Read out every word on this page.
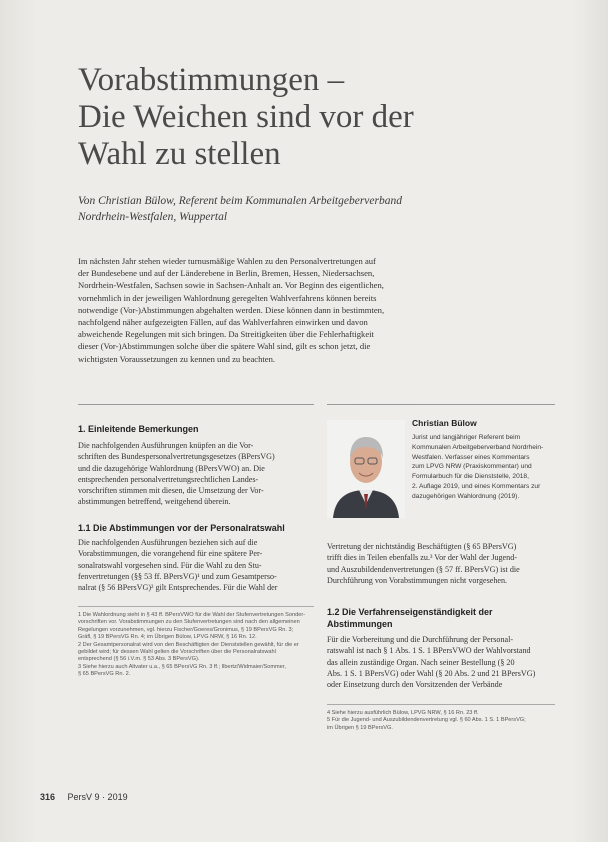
Vorabstimmungen –
Die Weichen sind vor der
Wahl zu stellen
Von Christian Bülow, Referent beim Kommunalen Arbeitgeberverband
Nordrhein-Westfalen, Wuppertal
Im nächsten Jahr stehen wieder turnusmäßige Wahlen zu den Personalvertretungen auf
der Bundesebene und auf der Länderebene in Berlin, Bremen, Hessen, Niedersachsen,
Nordrhein-Westfalen, Sachsen sowie in Sachsen-Anhalt an. Vor Beginn des eigentlichen,
vornehmlich in der jeweiligen Wahlordnung geregelten Wahlverfahrens können bereits
notwendige (Vor-)Abstimmungen abgehalten werden. Diese können dann in bestimmten,
nachfolgend näher aufgezeigten Fällen, auf das Wahlverfahren einwirken und davon
abweichende Regelungen mit sich bringen. Da Streitigkeiten über die Fehlerhaftigkeit
dieser (Vor-)Abstimmungen solche über die spätere Wahl sind, gilt es schon jetzt, die
wichtigsten Voraussetzungen zu kennen und zu beachten.
1. Einleitende Bemerkungen
Die nachfolgenden Ausführungen knüpfen an die Vor-
schriften des Bundespersonalvertretungsgesetzes (BPersVG)
und die dazugehörige Wahlordnung (BPersVWO) an. Die
entsprechenden personalvertretungsrechtlichen Landes-
vorschriften stimmen mit diesen, die Umsetzung der Vor-
abstimmungen betreffend, weitgehend überein.
1.1 Die Abstimmungen vor der Personalratswahl
Die nachfolgenden Ausführungen beziehen sich auf die
Vorabstimmungen, die vorangehend für eine spätere Per-
sonalratswahl vorgesehen sind. Für die Wahl zu den Stu-
fenvertretungen (§§ 53 ff. BPersVG)¹ und zum Gesamtperso-
nalrat (§ 56 BPersVG)² gilt Entsprechendes. Für die Wahl der
Christian Bülow
Jurist und langjähriger Referent beim
Kommunalen Arbeitgeberverband Nordrhein-
Westfalen. Verfasser eines Kommentars
zum LPVG NRW (Praxiskommentar) und
Formularbuch für die Dienststelle, 2018,
2. Auflage 2019, und eines Kommentars zur
dazugehörigen Wahlordnung (2019).
Vertretung der nichtständig Beschäftigten (§ 65 BPersVG)
trifft dies in Teilen ebenfalls zu.³ Vor der Wahl der Jugend-
und Auszubildendenvertretungen (§ 57 ff. BPersVG) ist die
Durchführung von Vorabstimmungen nicht vorgesehen.
1.2 Die Verfahrenseigenständigkeit der
Abstimmungen
Für die Vorbereitung und die Durchführung der Personal-
ratswahl ist nach § 1 Abs. 1 S. 1 BPersVWO der Wahlvorstand
das allein zuständige Organ. Nach seiner Bestellung (§ 20
Abs. 1 S. 1 BPersVG) oder Wahl (§ 20 Abs. 2 und 21 BPersVG)
oder Einsetzung durch den Vorsitzenden der Verbände
1 Die Wahlordnung sieht in § 43 ff. BPersVWO für die Wahl der Stufenvertretungen Sonder-
vorschriften vor. Vorabstimmungen zu den Stufenvertretungen sind nach den allgemeinen
Regelungen vorzunehmen, vgl. hierzu Fischer/Goeres/Gronimus, § 19 BPersVG Rn. 3;
Gräfl, § 19 BPersVG Rn. 4; im Übrigen Bülow, LPVG NRW, § 16 Rn. 12.
2 Der Gesamtpersonalrat wird von den Beschäftigten der Dienststellen gewählt, für die er
gebildet wird; für dessen Wahl gelten die Vorschriften über die Personalratswahl
entsprechend (§ 56 i.V.m. § 53 Abs. 3 BPersVG).
3 Siehe hierzu auch Altvater u.a., § 65 BPersVG Rn. 3 ff.; Ilbertz/Widmaier/Sommer,
§ 65 BPersVG Rn. 2.
4 Siehe hierzu ausführlich Bülow, LPVG NRW, § 16 Rn. 23 ff.
5 Für die Jugend- und Auszubildendenvertretung vgl. § 60 Abs. 1 S. 1 BPersVG;
im Übrigen § 19 BPersVG.
316 PersV 9 · 2019
